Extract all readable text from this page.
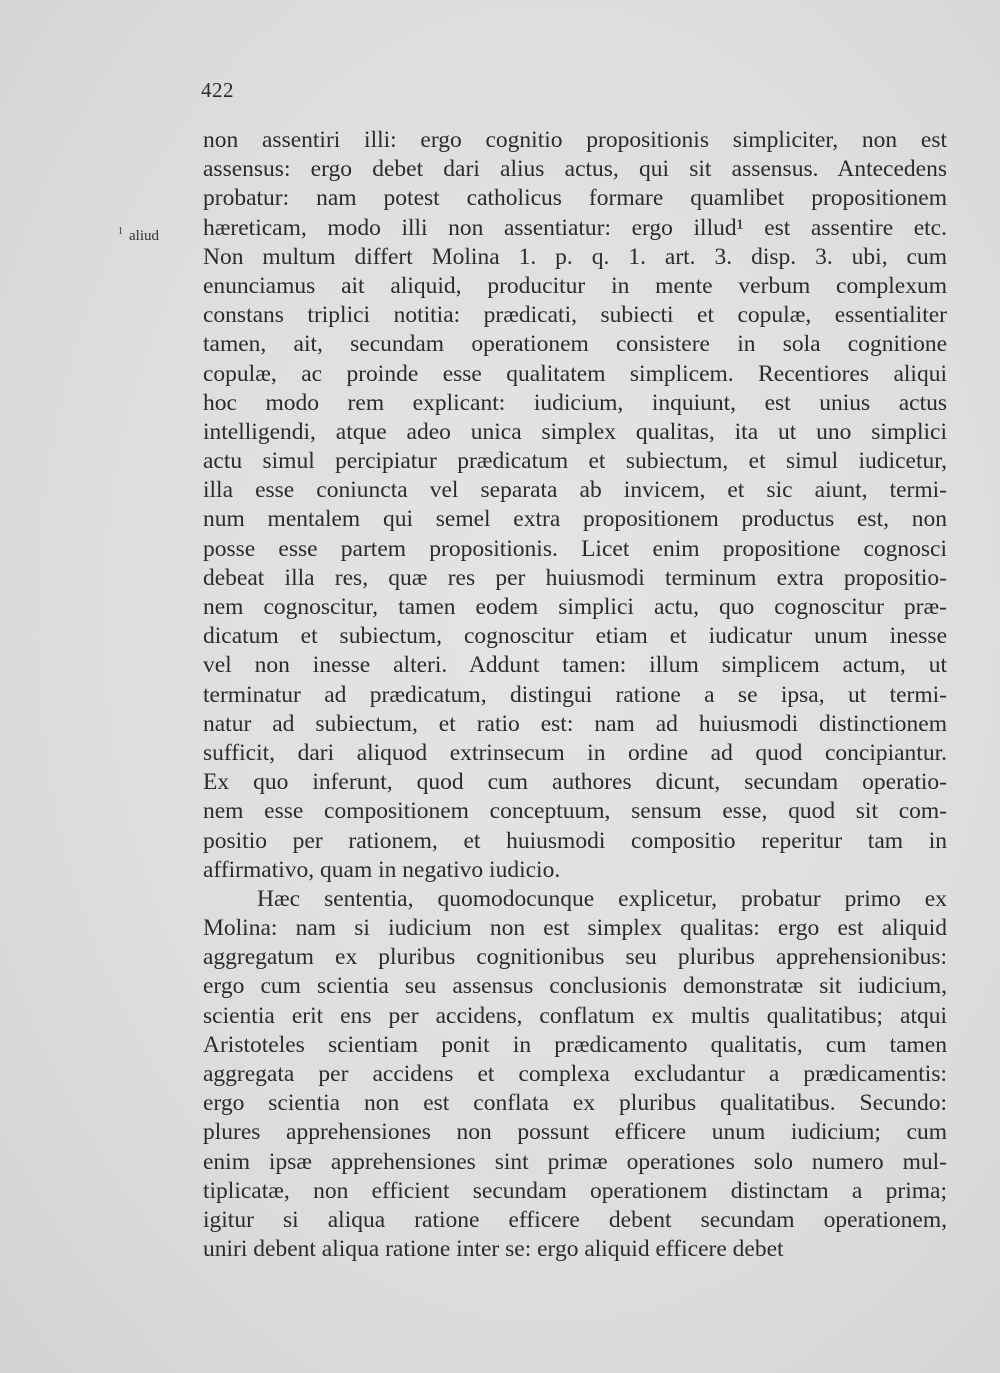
422
$^1$ aliud
non assentiri illi: ergo cognitio propositionis simpliciter, non est
assensus: ergo debet dari alius actus, qui sit assensus. Antecedens
probatur: nam potest catholicus formare quamlibet propositionem
hæreticam, modo illi non assentiatur: ergo illud¹ est assentire etc.
Non multum differt Molina 1. p. q. 1. art. 3. disp. 3. ubi, cum
enunciamus ait aliquid, producitur in mente verbum complexum
constans triplici notitia: prædicati, subiecti et copulæ, essentialiter
tamen, ait, secundam operationem consistere in sola cognitione
copulæ, ac proinde esse qualitatem simplicem. Recentiores aliqui
hoc modo rem explicant: iudicium, inquiunt, est unius actus
intelligendi, atque adeo unica simplex qualitas, ita ut uno simplici
actu simul percipiatur prædicatum et subiectum, et simul iudicetur,
illa esse coniuncta vel separata ab invicem, et sic aiunt, termi-
num mentalem qui semel extra propositionem productus est, non
posse esse partem propositionis. Licet enim propositione cognosci
debeat illa res, quæ res per huiusmodi terminum extra propositio-
nem cognoscitur, tamen eodem simplici actu, quo cognoscitur præ-
dicatum et subiectum, cognoscitur etiam et iudicatur unum inesse
vel non inesse alteri. Addunt tamen: illum simplicem actum, ut
terminatur ad prædicatum, distingui ratione a se ipsa, ut termi-
natur ad subiectum, et ratio est: nam ad huiusmodi distinctionem
sufficit, dari aliquod extrinsecum in ordine ad quod concipiantur.
Ex quo inferunt, quod cum authores dicunt, secundam operatio-
nem esse compositionem conceptuum, sensum esse, quod sit com-
positio per rationem, et huiusmodi compositio reperitur tam in
affirmativo, quam in negativo iudicio.
Hæc sententia, quomodocunque explicetur, probatur primo ex
Molina: nam si iudicium non est simplex qualitas: ergo est aliquid
aggregatum ex pluribus cognitionibus seu pluribus apprehensionibus:
ergo cum scientia seu assensus conclusionis demonstratæ sit iudicium,
scientia erit ens per accidens, conflatum ex multis qualitatibus; atqui
Aristoteles scientiam ponit in prædicamento qualitatis, cum tamen
aggregata per accidens et complexa excludantur a prædicamentis:
ergo scientia non est conflata ex pluribus qualitatibus. Secundo:
plures apprehensiones non possunt efficere unum iudicium; cum
enim ipsæ apprehensiones sint primæ operationes solo numero mul-
tiplicatæ, non efficient secundam operationem distinctam a prima;
igitur si aliqua ratione efficere debent secundam operationem,
uniri debent aliqua ratione inter se: ergo aliquid efficere debet
